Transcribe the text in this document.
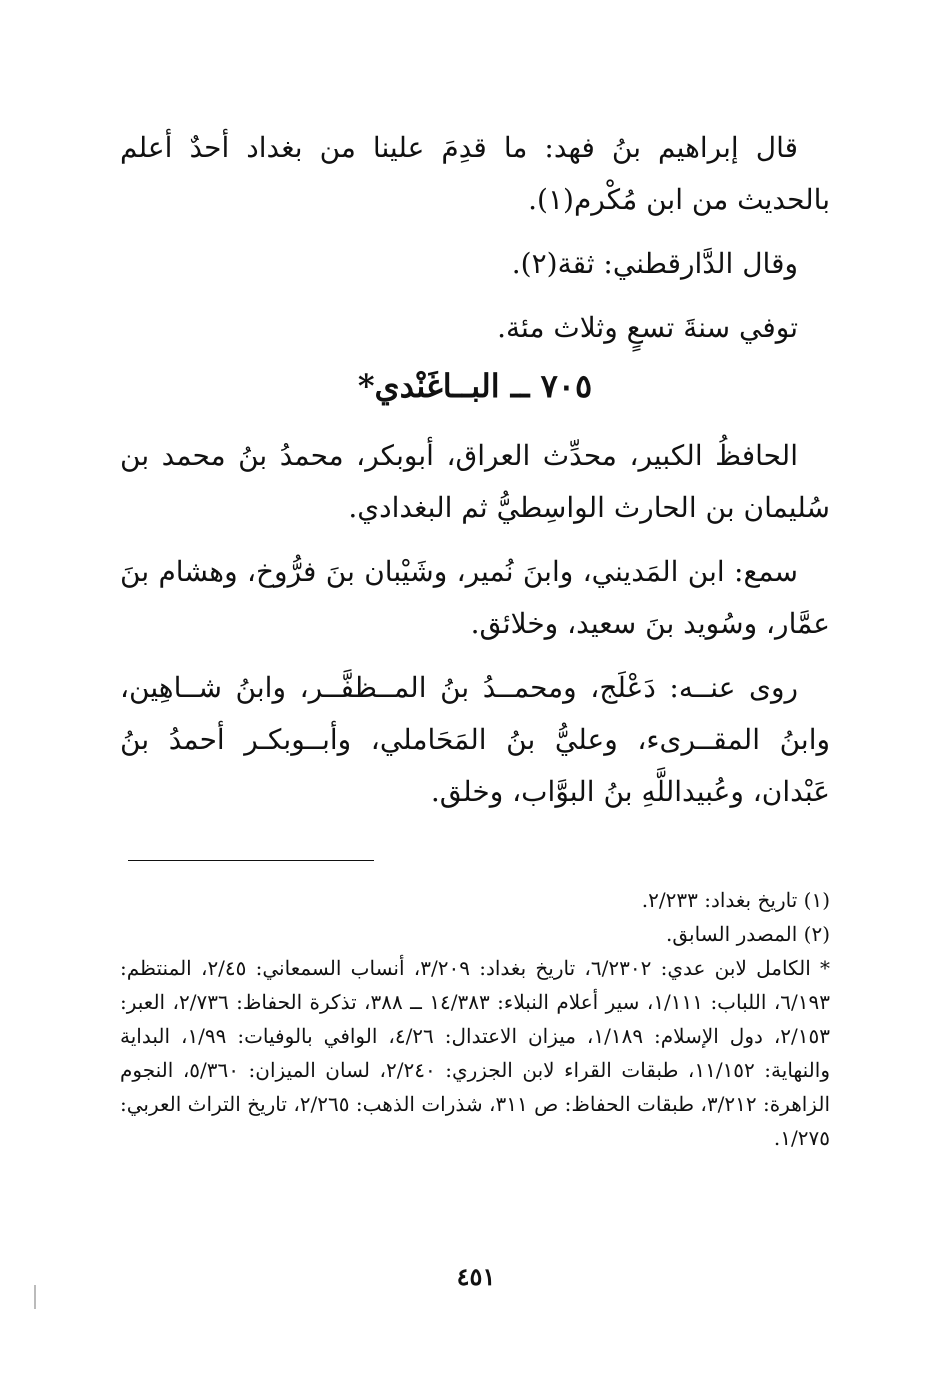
قال إبراهيم بنُ فهد: ما قدِمَ علينا من بغداد أحدٌ أعلم بالحديث من ابن مُكْرم(١).

وقال الدَّارقطني: ثقة(٢).

توفي سنةَ تسعٍ وثلاث مئة.

٧٠٥ ــ البــاغَنْدي*

الحافظُ الكبير، محدِّث العراق، أبوبكر، محمدُ بنُ محمد بن سُليمان بن الحارث الواسِطيُّ ثم البغدادي.

سمع: ابن المَديني، وابنَ نُمير، وشَيْبان بنَ فرُّوخ، وهشام بنَ عمَّار، وسُويد بنَ سعيد، وخلائق.

روى عنــه: دَعْلَج، ومحمــدُ بنُ المــظفَّــر، وابنُ شــاهِين، وابنُ المقــرىء، وعليُّ بنُ المَحَاملي، وأبــوبكـر أحمدُ بنُ عَبْدان، وعُبيداللَّهِ بنُ البوَّاب، وخلق.

(١) تاريخ بغداد: ٢/٢٣٣.

(٢) المصدر السابق.

* الكامل لابن عدي: ٦/٢٣٠٢، تاريخ بغداد: ٣/٢٠٩، أنساب السمعاني: ٢/٤٥، المنتظم: ٦/١٩٣، اللباب: ١/١١١، سير أعلام النبلاء: ١٤/٣٨٣ ــ ٣٨٨، تذكرة الحفاظ: ٢/٧٣٦، العبر: ٢/١٥٣، دول الإسلام: ١/١٨٩، ميزان الاعتدال: ٤/٢٦، الوافي بالوفيات: ١/٩٩، البداية والنهاية: ١١/١٥٢، طبقات القراء لابن الجزري: ٢/٢٤٠، لسان الميزان: ٥/٣٦٠، النجوم الزاهرة: ٣/٢١٢، طبقات الحفاظ: ص ٣١١، شذرات الذهب: ٢/٢٦٥، تاريخ التراث العربي: ١/٢٧٥.

٤٥١
